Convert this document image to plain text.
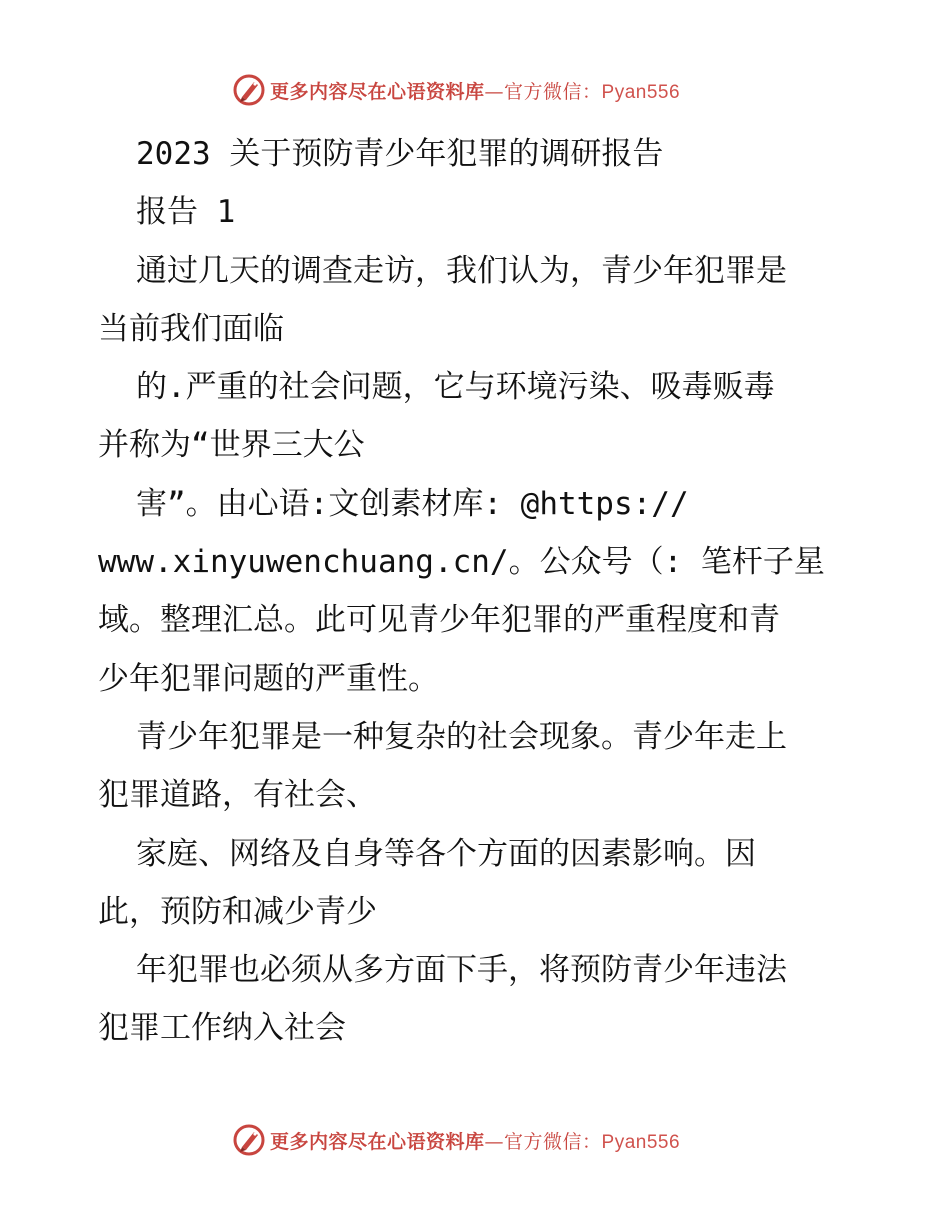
更多内容尽在心语资料库—官方微信：Pyan556
2023 关于预防青少年犯罪的调研报告
报告 1
通过几天的调查走访，我们认为，青少年犯罪是
当前我们面临
的.严重的社会问题，它与环境污染、吸毒贩毒
并称为“世界三大公
害”。由心语:文创素材库: @https://
www.xinyuwenchuang.cn/。公众号（: 笔杆子星
域。整理汇总。此可见青少年犯罪的严重程度和青
少年犯罪问题的严重性。
青少年犯罪是一种复杂的社会现象。青少年走上
犯罪道路，有社会、
家庭、网络及自身等各个方面的因素影响。因
此，预防和减少青少
年犯罪也必须从多方面下手，将预防青少年违法
犯罪工作纳入社会
更多内容尽在心语资料库—官方微信：Pyan556
